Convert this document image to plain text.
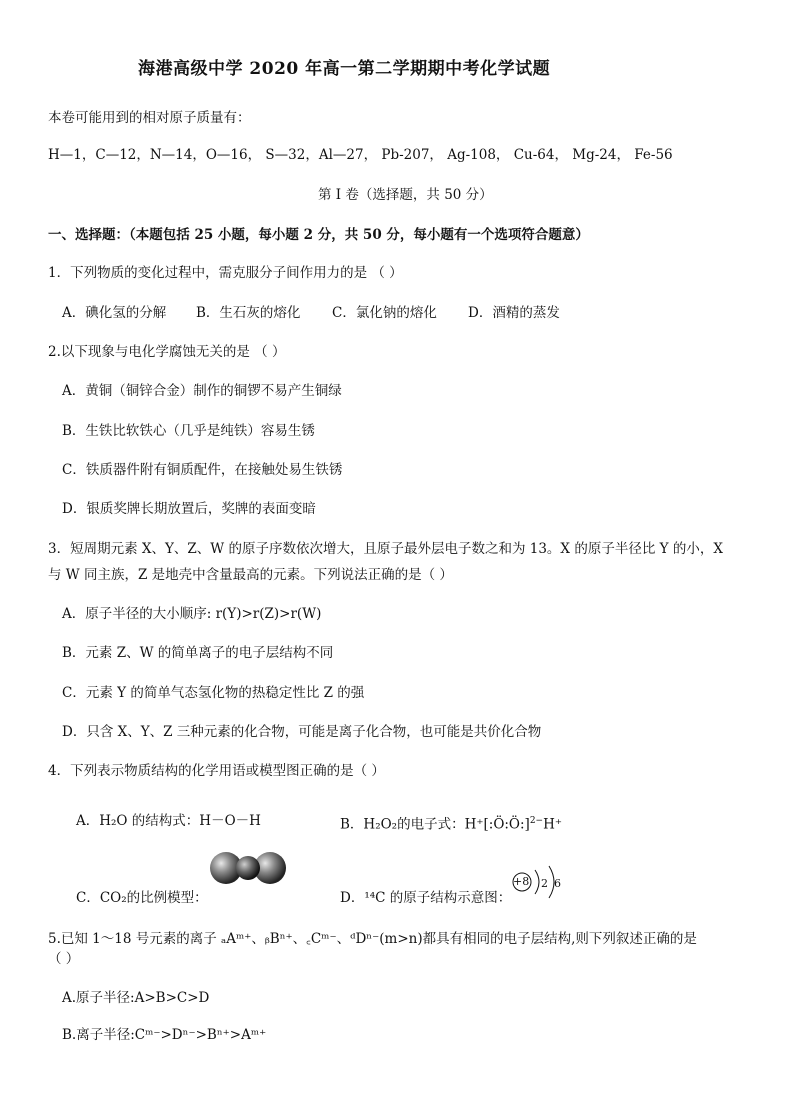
海港高级中学 2020 年高一第二学期期中考化学试题
本卷可能用到的相对原子质量有：
H—1，C—12，N—14，O—16， S—32，Al—27， Pb-207， Ag-108， Cu-64， Mg-24， Fe-56
第 I 卷（选择题，共 50 分）
一、选择题：（本题包括 25 小题，每小题 2 分，共 50 分，每小题有一个选项符合题意）
1．下列物质的变化过程中，需克服分子间作用力的是 （ ）
A．碘化氢的分解 B．生石灰的熔化 C．氯化钠的熔化 D．酒精的蒸发
2.以下现象与电化学腐蚀无关的是 （ ）
A．黄铜（铜锌合金）制作的铜锣不易产生铜绿
B．生铁比软铁心（几乎是纯铁）容易生锈
C．铁质器件附有铜质配件，在接触处易生铁锈
D．银质奖牌长期放置后，奖牌的表面变暗
3．短周期元素 X、Y、Z、W 的原子序数依次增大，且原子最外层电子数之和为 13。X 的原子半径比 Y 的小，X
与 W 同主族，Z 是地壳中含量最高的元素。下列说法正确的是（ ）
A．原子半径的大小顺序: r(Y)>r(Z)>r(W)
B．元素 Z、W 的简单离子的电子层结构不同
C．元素 Y 的简单气态氢化物的热稳定性比 Z 的强
D．只含 X、Y、Z 三种元素的化合物，可能是离子化合物，也可能是共价化合物
4．下列表示物质结构的化学用语或模型图正确的是（ ）
A．H₂O 的结构式：H－O－H	B．H₂O₂的电子式：H⁺[:Ö:Ö:]$^{2-}$H⁺
C．CO₂的比例模型：	D．¹⁴C 的原子结构示意图：
+8 2 6
5.已知 1～18 号元素的离子 ₐAᵐ⁺、ᵦBⁿ⁺、꜀Cᵐ⁻、ᵈDⁿ⁻(m>n)都具有相同的电子层结构,则下列叙述正确的是
（ ）
A.原子半径:A>B>C>D
B.离子半径:Cᵐ⁻>Dⁿ⁻>Bⁿ⁺>Aᵐ⁺
